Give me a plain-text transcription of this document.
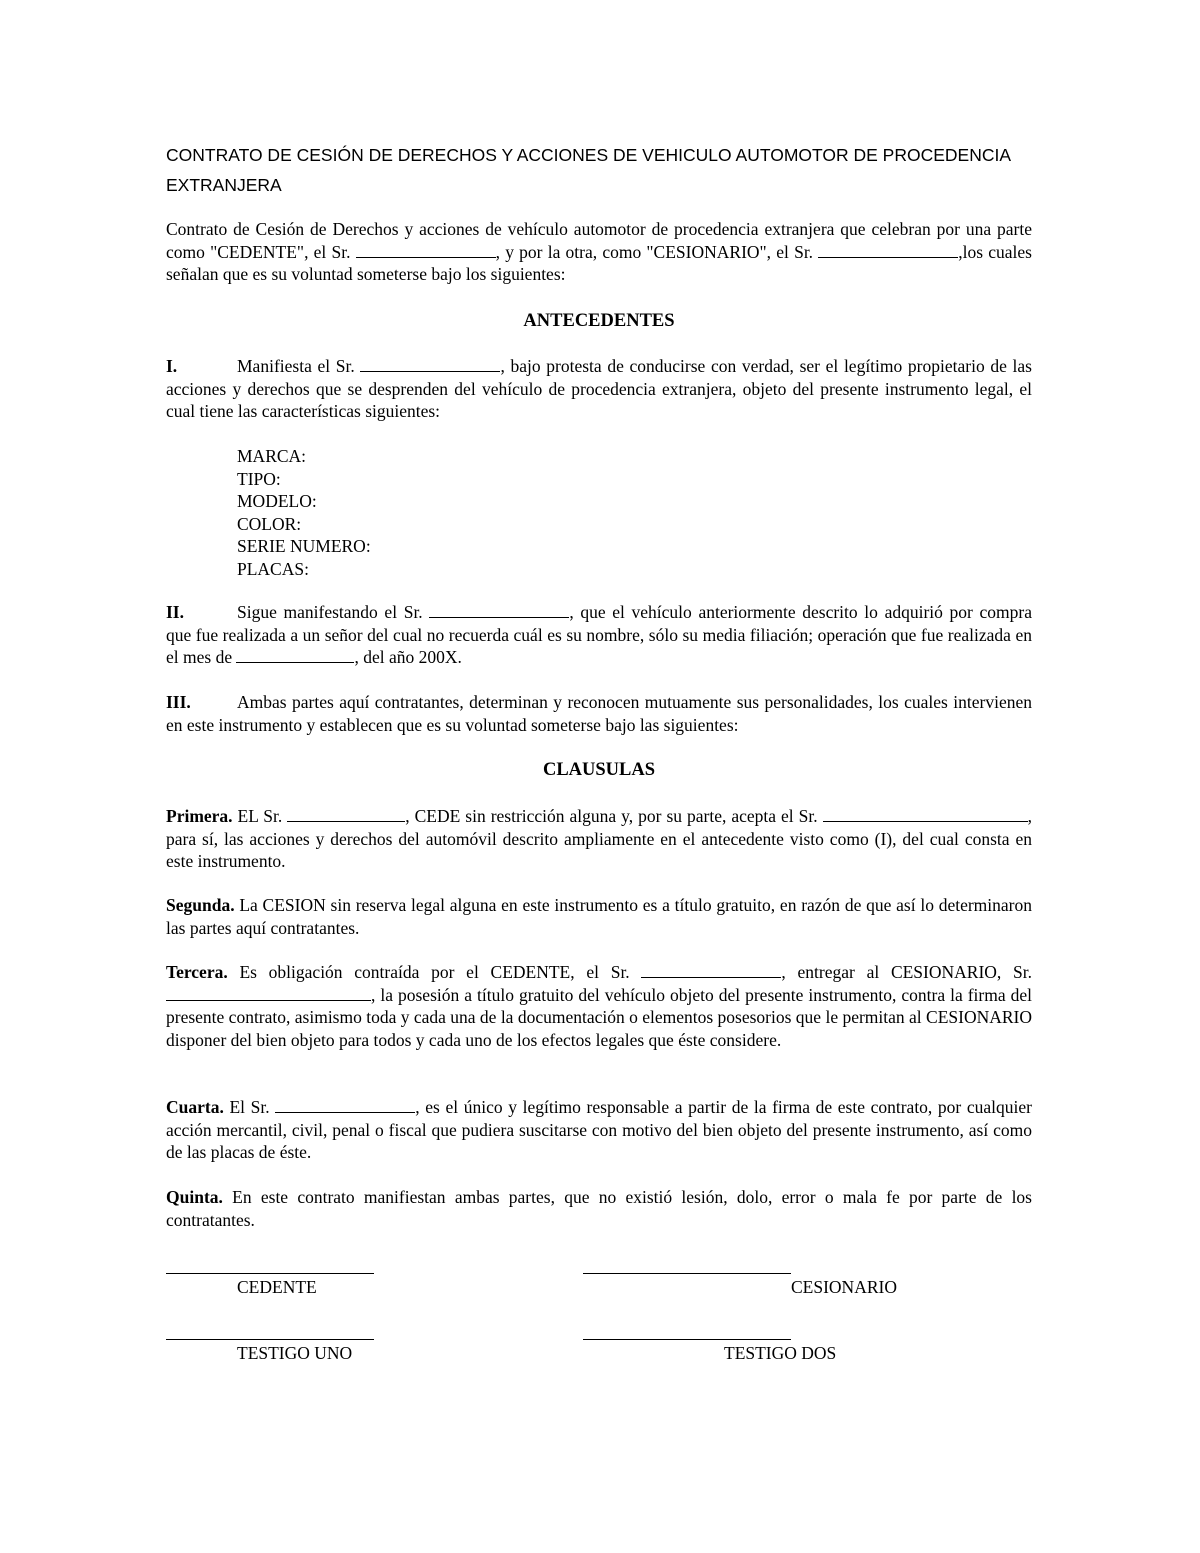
CONTRATO DE CESIÓN DE DERECHOS Y ACCIONES DE VEHICULO AUTOMOTOR DE PROCEDENCIA EXTRANJERA
Contrato de Cesión de Derechos y acciones de vehículo automotor de procedencia extranjera que celebran por una parte como "CEDENTE", el Sr.	, y por la otra, como "CESIONARIO", el Sr.	,los cuales señalan que es su voluntad someterse bajo los siguientes:
ANTECEDENTES
I.	Manifiesta el Sr.	, bajo protesta de conducirse con verdad, ser el legítimo propietario de las acciones y derechos que se desprenden del vehículo de procedencia extranjera, objeto del presente instrumento legal, el cual tiene las características siguientes:
MARCA:
TIPO:
MODELO:
COLOR:
SERIE NUMERO:
PLACAS:
II.	Sigue manifestando el Sr.	, que el vehículo anteriormente descrito lo adquirió por compra que fue realizada a un señor del cual no recuerda cuál es su nombre, sólo su media filiación; operación que fue realizada en el mes de	, del año 200X.
III.	Ambas partes aquí contratantes, determinan y reconocen mutuamente sus personalidades, los cuales intervienen en este instrumento y establecen que es su voluntad someterse bajo las siguientes:
CLAUSULAS
Primera. EL Sr.	, CEDE sin restricción alguna y, por su parte, acepta el Sr.	, para sí, las acciones y derechos del automóvil descrito ampliamente en el antecedente visto como (I), del cual consta en este instrumento.
Segunda. La CESION sin reserva legal alguna en este instrumento es a título gratuito, en razón de que así lo determinaron las partes aquí contratantes.
Tercera. Es obligación contraída por el CEDENTE, el Sr.	, entregar al CESIONARIO, Sr. , la posesión a título gratuito del vehículo objeto del presente instrumento, contra la firma del presente contrato, asimismo toda y cada una de la documentación o elementos posesorios que le permitan al CESIONARIO disponer del bien objeto para todos y cada uno de los efectos legales que éste considere.
Cuarta. El Sr.	, es el único y legítimo responsable a partir de la firma de este contrato, por cualquier acción mercantil, civil, penal o fiscal que pudiera suscitarse con motivo del bien objeto del presente instrumento, así como de las placas de éste.
Quinta. En este contrato manifiestan ambas partes, que no existió lesión, dolo, error o mala fe por parte de los contratantes.
CEDENTE	CESIONARIO
TESTIGO UNO	TESTIGO DOS
